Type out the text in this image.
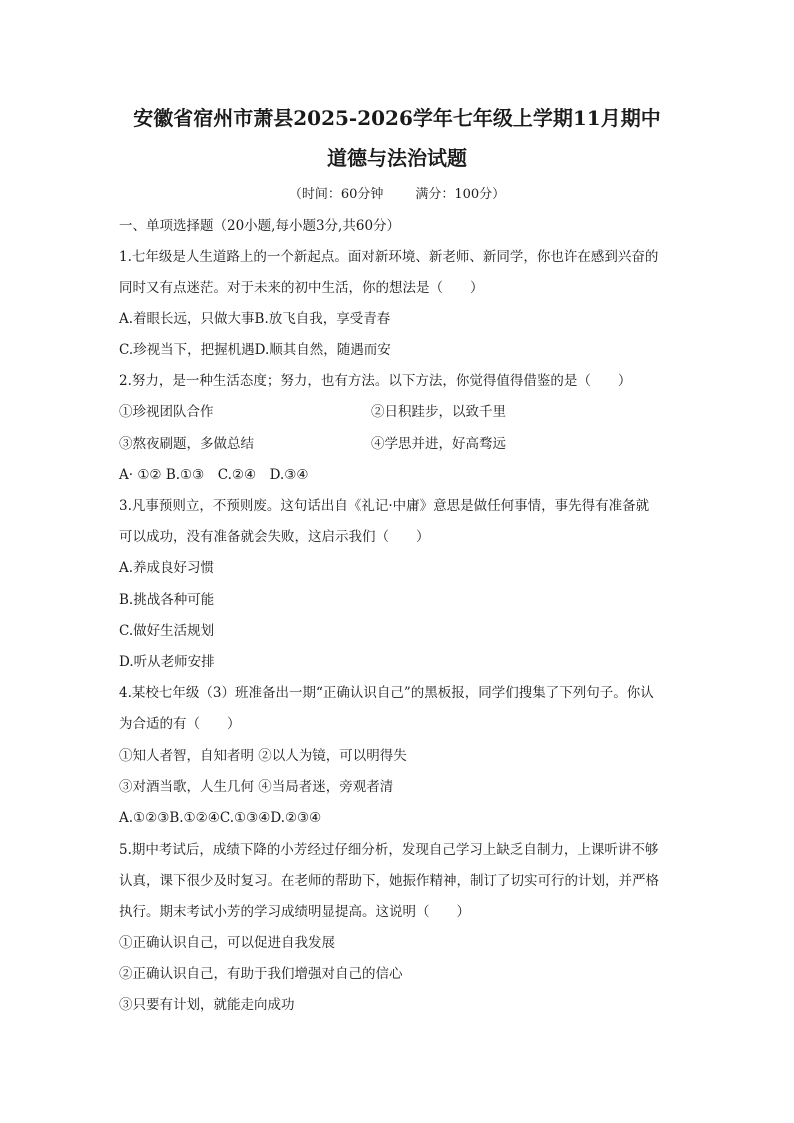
安徽省宿州市萧县2025-2026学年七年级上学期11月期中
道德与法治试题
（时间：60分钟 满分：100分）
一、单项选择题（20小题,每小题3分,共60分）
1.七年级是人生道路上的一个新起点。面对新环境、新老师、新同学，你也许在感到兴奋的
同时又有点迷茫。对于未来的初中生活，你的想法是（　　）
A.着眼长远，只做大事B.放飞自我，享受青春
C.珍视当下，把握机遇D.顺其自然，随遇而安
2.努力，是一种生活态度；努力，也有方法。以下方法，你觉得值得借鉴的是（　　）
①珍视团队合作	②日积跬步，以致千里
③熬夜刷题，多做总结	④学思并进，好高骛远
A· ①② B.①③　C.②④　D.③④
3.凡事预则立，不预则废。这句话出自《礼记·中庸》意思是做任何事情，事先得有准备就
可以成功，没有准备就会失败，这启示我们（　　）
A.养成良好习惯
B.挑战各种可能
C.做好生活规划
D.听从老师安排
4.某校七年级（3）班准备出一期“正确认识自己”的黑板报，同学们搜集了下列句子。你认
为合适的有（　　）
①知人者智，自知者明 ②以人为镜，可以明得失
③对酒当歌，人生几何 ④当局者迷，旁观者清
A.①②③B.①②④C.①③④D.②③④
5.期中考试后，成绩下降的小芳经过仔细分析，发现自己学习上缺乏自制力，上课听讲不够
认真，课下很少及时复习。在老师的帮助下，她振作精神，制订了切实可行的计划，并严格
执行。期末考试小芳的学习成绩明显提高。这说明（　　）
①正确认识自己，可以促进自我发展
②正确认识自己，有助于我们增强对自己的信心
③只要有计划，就能走向成功
